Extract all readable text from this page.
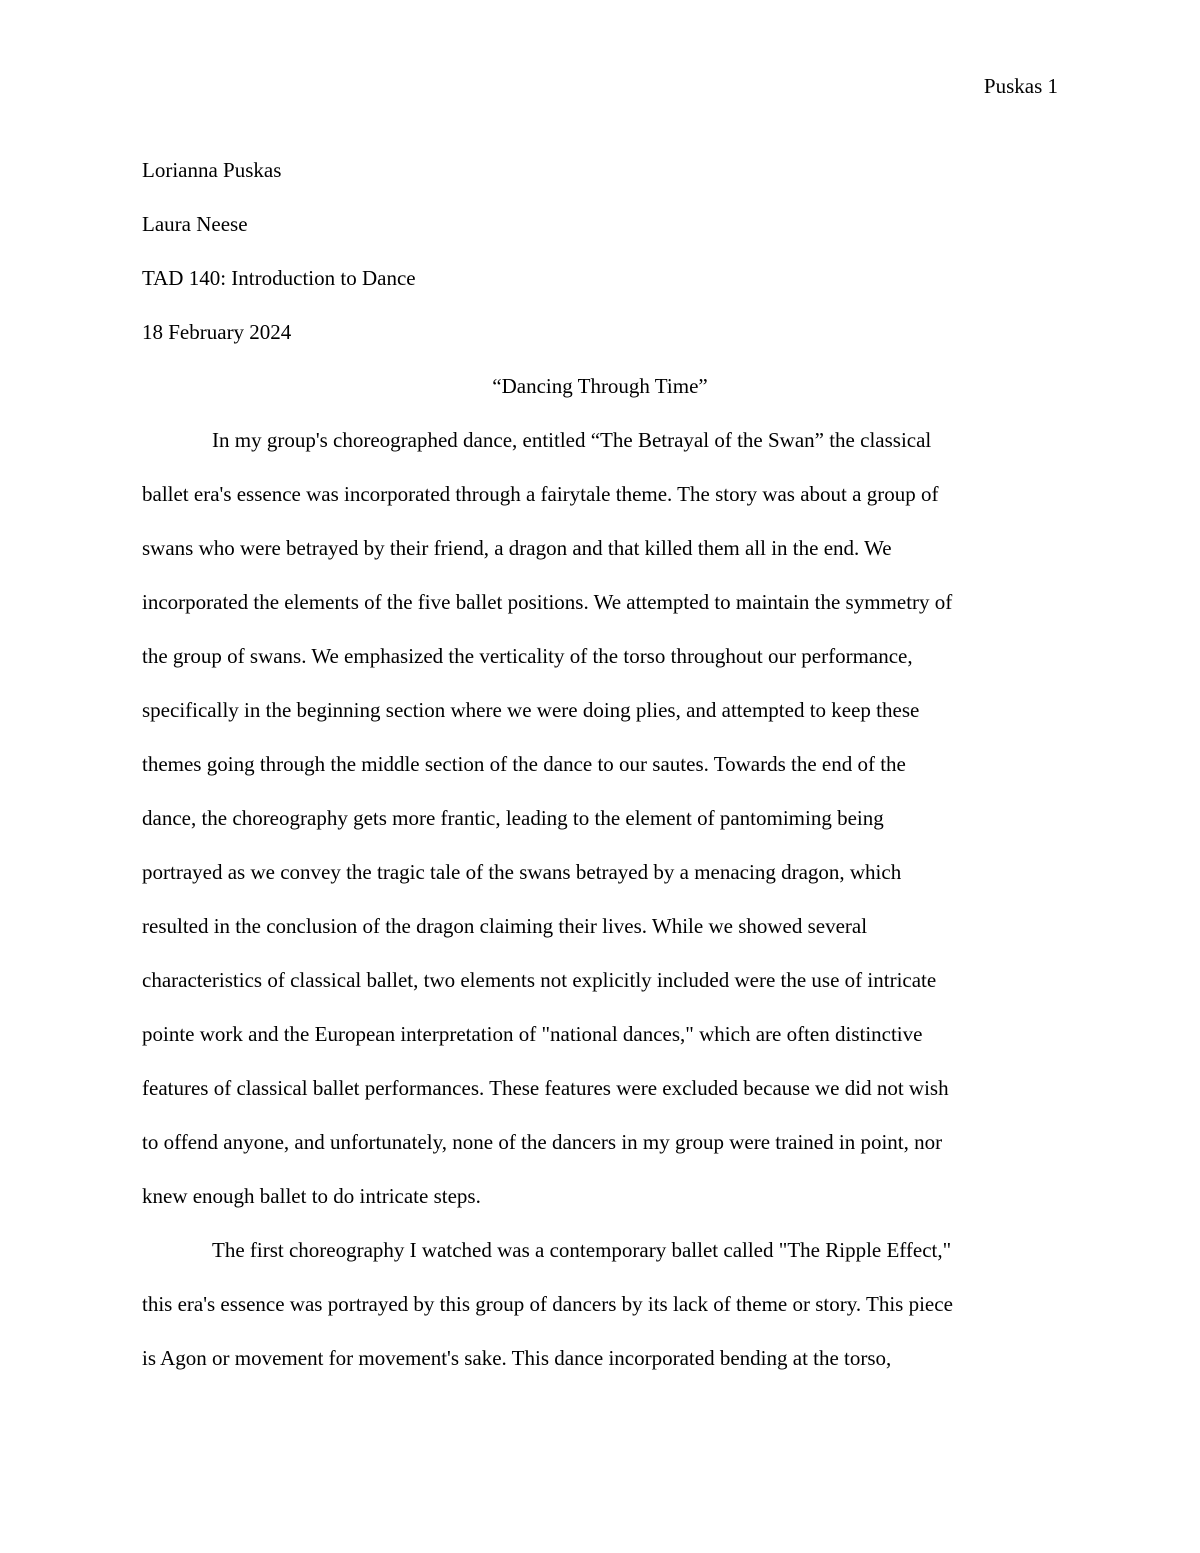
Puskas 1

Lorianna Puskas

Laura Neese

TAD 140: Introduction to Dance

18 February 2024

“Dancing Through Time”

In my group's choreographed dance, entitled “The Betrayal of the Swan” the classical
ballet era's essence was incorporated through a fairytale theme. The story was about a group of
swans who were betrayed by their friend, a dragon and that killed them all in the end. We
incorporated the elements of the five ballet positions. We attempted to maintain the symmetry of
the group of swans. We emphasized the verticality of the torso throughout our performance,
specifically in the beginning section where we were doing plies, and attempted to keep these
themes going through the middle section of the dance to our sautes. Towards the end of the
dance, the choreography gets more frantic, leading to the element of pantomiming being
portrayed as we convey the tragic tale of the swans betrayed by a menacing dragon, which
resulted in the conclusion of the dragon claiming their lives. While we showed several
characteristics of classical ballet, two elements not explicitly included were the use of intricate
pointe work and the European interpretation of "national dances," which are often distinctive
features of classical ballet performances. These features were excluded because we did not wish
to offend anyone, and unfortunately, none of the dancers in my group were trained in point, nor
knew enough ballet to do intricate steps.
The first choreography I watched was a contemporary ballet called "The Ripple Effect,"
this era's essence was portrayed by this group of dancers by its lack of theme or story. This piece
is Agon or movement for movement's sake. This dance incorporated bending at the torso,
